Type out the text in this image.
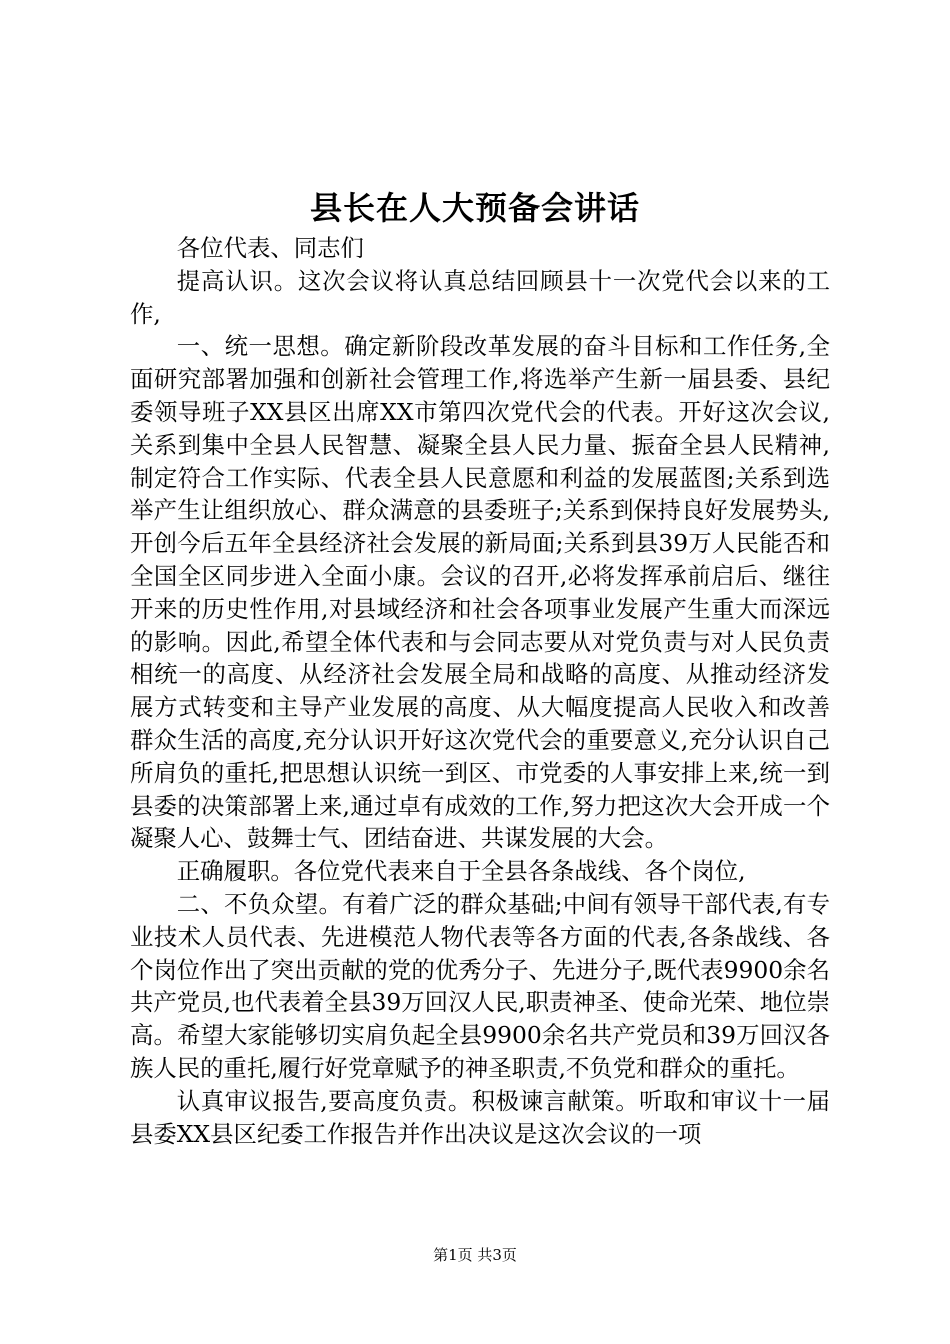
县长在人大预备会讲话

各位代表、同志们

提高认识。这次会议将认真总结回顾县十一次党代会以来的工作,

一、统一思想。确定新阶段改革发展的奋斗目标和工作任务,全面研究部署加强和创新社会管理工作,将选举产生新一届县委、县纪委领导班子XX县区出席XX市第四次党代会的代表。开好这次会议,关系到集中全县人民智慧、凝聚全县人民力量、振奋全县人民精神,制定符合工作实际、代表全县人民意愿和利益的发展蓝图;关系到选举产生让组织放心、群众满意的县委班子;关系到保持良好发展势头,开创今后五年全县经济社会发展的新局面;关系到县39万人民能否和全国全区同步进入全面小康。会议的召开,必将发挥承前启后、继往开来的历史性作用,对县域经济和社会各项事业发展产生重大而深远的影响。因此,希望全体代表和与会同志要从对党负责与对人民负责相统一的高度、从经济社会发展全局和战略的高度、从推动经济发展方式转变和主导产业发展的高度、从大幅度提高人民收入和改善群众生活的高度,充分认识开好这次党代会的重要意义,充分认识自己所肩负的重托,把思想认识统一到区、市党委的人事安排上来,统一到县委的决策部署上来,通过卓有成效的工作,努力把这次大会开成一个凝聚人心、鼓舞士气、团结奋进、共谋发展的大会。

正确履职。各位党代表来自于全县各条战线、各个岗位,

二、不负众望。有着广泛的群众基础;中间有领导干部代表,有专业技术人员代表、先进模范人物代表等各方面的代表,各条战线、各个岗位作出了突出贡献的党的优秀分子、先进分子,既代表9900余名共产党员,也代表着全县39万回汉人民,职责神圣、使命光荣、地位崇高。希望大家能够切实肩负起全县9900余名共产党员和39万回汉各族人民的重托,履行好党章赋予的神圣职责,不负党和群众的重托。

认真审议报告,要高度负责。积极谏言献策。听取和审议十一届县委XX县区纪委工作报告并作出决议是这次会议的一项

第1页 共3页
